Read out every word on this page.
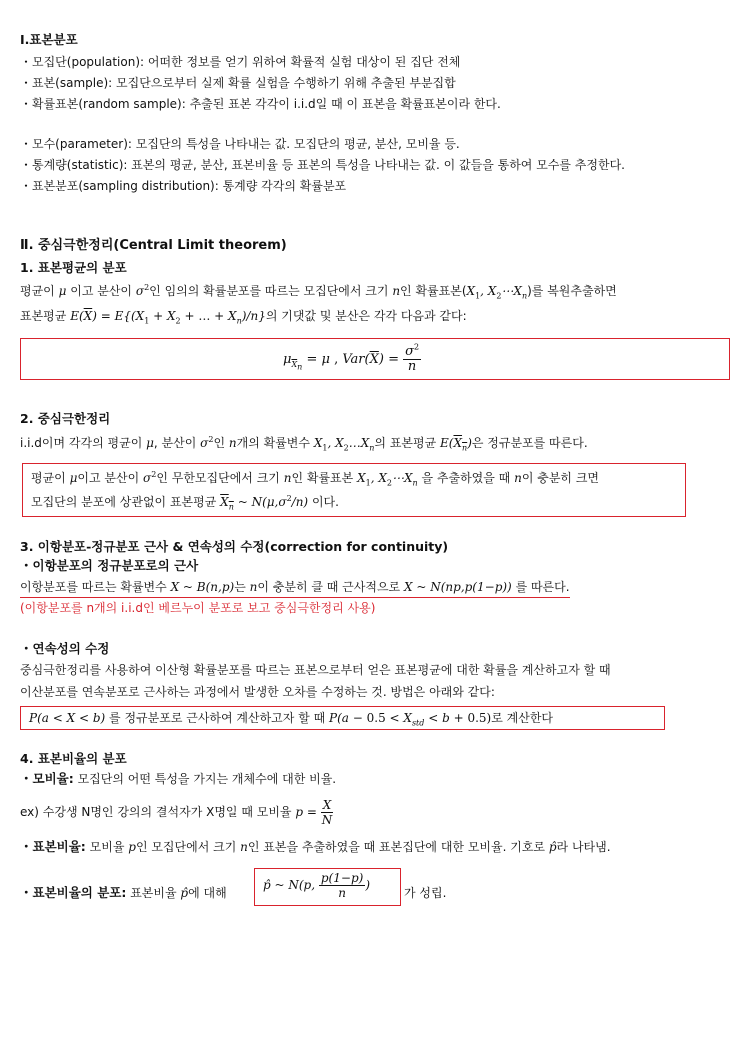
Ⅰ.표본분포
・모집단(population): 어떠한 정보를 얻기 위하여 확률적 실험 대상이 된 집단 전체
・표본(sample): 모집단으로부터 실제 확률 실험을 수행하기 위해 추출된 부분집합
・확률표본(random sample): 추출된 표본 각각이 i.i.d일 때 이 표본을 확률표본이라 한다.
・모수(parameter): 모집단의 특성을 나타내는 값. 모집단의 평균, 분산, 모비율 등.
・통계량(statistic): 표본의 평균, 분산, 표본비율 등 표본의 특성을 나타내는 값. 이 값들을 통하여 모수를 추정한다.
・표본분포(sampling distribution): 통계량 각각의 확률분포
Ⅱ. 중심극한정리(Central Limit theorem)
1. 표본평균의 분포
평균이 μ 이고 분산이 $\sigma^2$인 임의의 확률분포를 따르는 모집단에서 크기 n인 확률표본($X_1$, $X_2\cdots X_n$)를 복원추출하면
표본평균 $E(\overline{X}) = E\{(X_1 + X_2$ + … + $X_n)/n$}의 기댓값 및 분산은 각각 다음과 같다:
$\mu_{\overline{X}_n} = \mu$ , $Var(\overline{X}) = \frac{\sigma^2}{n}$
2. 중심극한정리
i.i.d이며 각각의 평균이 μ, 분산이 $\sigma^2$인 n개의 확률변수 $X_1$, $X_2\dots X_n$의 표본평균 $E(X_n)$은 정규분포를 따른다.
평균이 μ이고 분산이 $\sigma^2$인 무한모집단에서 크기 n인 확률표본 $X_1$, $X_2\cdots X_n$ 을 추출하였을 때 n이 충분히 크면
모집단의 분포에 상관없이 표본평균 $X_n$ ~ $N(\mu,\sigma^2/n)$ 이다.
3. 이항분포-정규분포 근사 & 연속성의 수정(correction for continuity)
・이항분포의 정규분포로의 근사
이항분포를 따르는 확률변수 X ~ B(n,p)는 n이 충분히 클 때 근사적으로 X ~ N(np,p(1−p)) 를 따른다.
(이항분포를 n개의 i.i.d인 베르누이 분포로 보고 중심극한정리 사용)
・연속성의 수정
중심극한정리를 사용하여 이산형 확률분포를 따르는 표본으로부터 얻은 표본평균에 대한 확률을 계산하고자 할 때
이산분포를 연속분포로 근사하는 과정에서 발생한 오차를 수정하는 것. 방법은 아래와 같다:
P(a < X < b) 를 정규분포로 근사하여 계산하고자 할 때 $P(a - 0.5 < X_{std} < b + 0.5)$로 계산한다
4. 표본비율의 분포
・모비율: 모집단의 어떤 특성을 가지는 개체수에 대한 비율.
ex) 수강생 N명인 강의의 결석자가 X명일 때 모비율 $p = \frac{X}{N}$
・표본비율: 모비율 p인 모집단에서 크기 n인 표본을 추출하였을 때 표본집단에 대한 모비율. 기호로 p̂라 나타냄.
・표본비율의 분포: 표본비율 p̂에 대해
p̂ ~ N(p, $\frac{p(1-p)}{n}$ )
가 성립.
